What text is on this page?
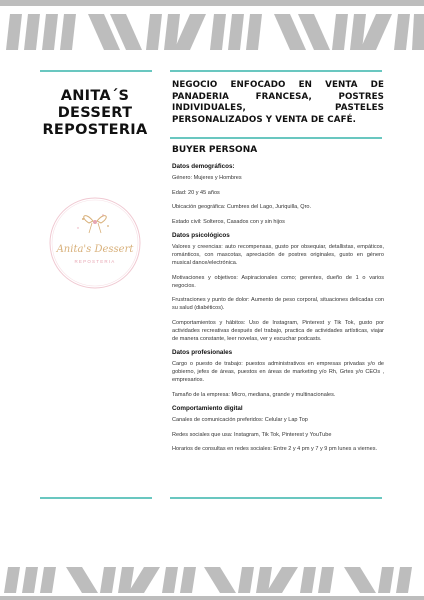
ANITA´S
DESSERT
REPOSTERIA
Anita's Dessert
REPOSTERIA
NEGOCIO ENFOCADO EN VENTA DE PANADERIA FRANCESA, POSTRES INDIVIDUALES, PASTELES PERSONALIZADOS Y VENTA DE CAFÉ.
BUYER PERSONA
Datos demográficos:
Género: Mujeres y Hombres
Edad: 20 y 45 años
Ubicación geográfica: Cumbres del Lago, Juriquilla, Qro.
Estado civil: Solteros, Casados con y sin hijos
Datos psicológicos
Valores y creencias: auto recompensas, gusto por obsequiar, detallistas, empáticos, románticos, con mascotas, apreciación de postres originales, gusto en género musical dance/electrónica.
Motivaciones y objetivos: Aspiracionales como; gerentes, dueño de 1 o varios negocios.
Frustraciones y punto de dolor: Aumento de peso corporal, situaciones delicadas con su salud (diabéticos).
Comportamientos y hábitos: Uso de Instagram, Pinterest y Tik Tok, gusto por actividades recreativas después del trabajo, practica de actividades artísticas, viajar de manera constante, leer novelas, ver y escuchar podcasts.
Datos profesionales
Cargo o puesto de trabajo: puestos administrativos en empresas privadas y/o de gobierno, jefes de áreas, puestos en áreas de marketing y/o Rh, Grtes y/o CEOs , empresarios.
Tamaño de la empresa: Micro, mediana, grande y multinacionales.
Comportamiento digital
Canales de comunicación preferidos: Celular y Lap Top
Redes sociales que usa: Instagram, Tik Tok, Pinterest y YouTube
Horarios de consultas en redes sociales: Entre 2 y 4 pm y 7 y 9 pm lunes a viernes.
